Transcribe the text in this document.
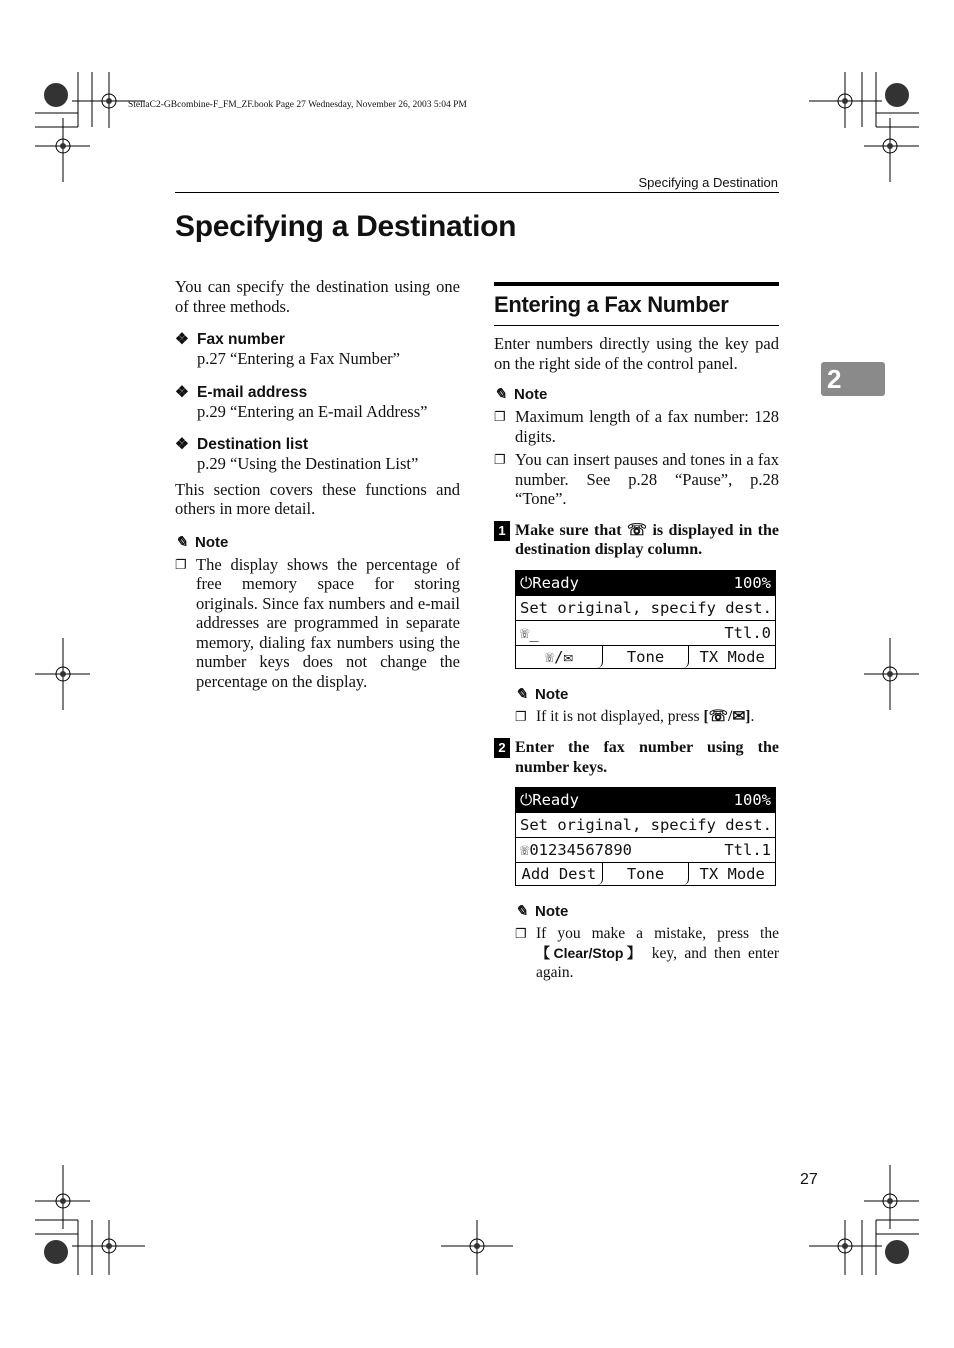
StellaC2-GBcombine-F_FM_ZF.book Page 27 Wednesday, November 26, 2003 5:04 PM
Specifying a Destination
Specifying a Destination
2

You can specify the destination using one of three methods.

❖ Fax number
p.27 “Entering a Fax Number”
❖ E-mail address
p.29 “Entering an E-mail Address”
❖ Destination list
p.29 “Using the Destination List”

This section covers these functions and others in more detail.

✎ Note
❐ The display shows the percentage of free memory space for storing originals. Since fax numbers and e-mail addresses are programmed in separate memory, dialing fax numbers using the number keys does not change the percentage on the display.
Entering a Fax Number

Enter numbers directly using the key pad on the right side of the control panel.

✎ Note
❐ Maximum length of a fax number: 128 digits.
❐ You can insert pauses and tones in a fax number. See p.28 “Pause”, p.28 “Tone”.
1 Make sure that ☏ is displayed in the destination display column.
⏻Ready	100%
Set original, specify dest.
☏_	Ttl.0
☏/✉	Tone	TX Mode
✎ Note
❐ If it is not displayed, press [☏/✉].
2 Enter the fax number using the number keys.
⏻Ready	100%
Set original, specify dest.
☏01234567890	Ttl.1
Add Dest	Tone	TX Mode
✎ Note
❐ If you make a mistake, press the 【Clear/Stop】 key, and then enter again.
27
